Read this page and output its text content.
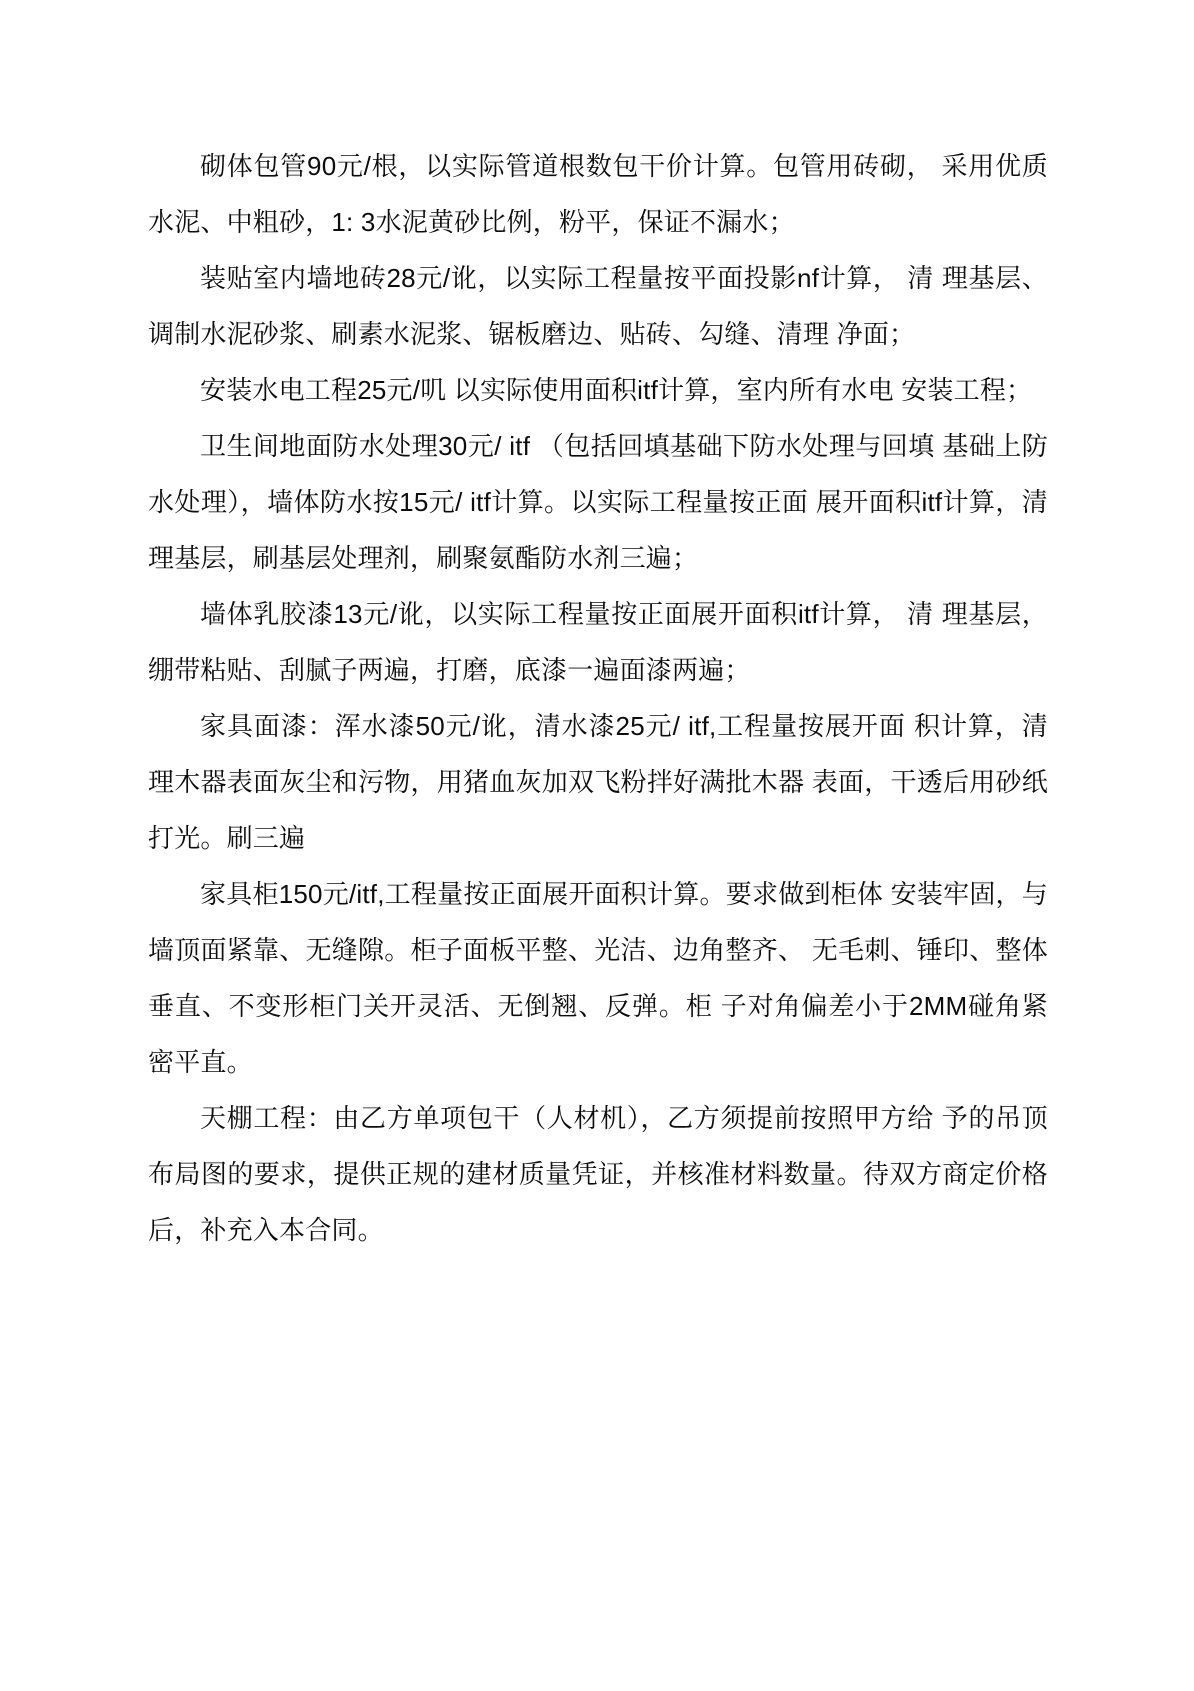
砌体包管90元/根，以实际管道根数包干价计算。包管用砖砌， 采用优质水泥、中粗砂，1: 3水泥黄砂比例，粉平，保证不漏水；

装贴室内墙地砖28元/讹，以实际工程量按平面投影nf计算， 清 理基层、调制水泥砂浆、刷素水泥浆、锯板磨边、贴砖、勾缝、清理 净面；

安装水电工程25元/叽 以实际使用面积itf计算，室内所有水电 安装工程；

卫生间地面防水处理30元/ itf （包括回填基础下防水处理与回填 基础上防水处理），墙体防水按15元/ itf计算。以实际工程量按正面 展开面积itf计算，清理基层，刷基层处理剂，刷聚氨酯防水剂三遍；

墙体乳胶漆13元/讹，以实际工程量按正面展开面积itf计算， 清 理基层，绷带粘贴、刮腻子两遍，打磨，底漆一遍面漆两遍；

家具面漆：浑水漆50元/讹，清水漆25元/ itf,工程量按展开面 积计算，清理木器表面灰尘和污物，用猪血灰加双飞粉拌好满批木器 表面，干透后用砂纸打光。刷三遍

家具柜150元/itf,工程量按正面展开面积计算。要求做到柜体 安装牢固，与墙顶面紧靠、无缝隙。柜子面板平整、光洁、边角整齐、 无毛刺、锤印、整体垂直、不变形柜门关开灵活、无倒翘、反弹。柜 子对角偏差小于2MM碰角紧密平直。

天棚工程：由乙方单项包干（人材机），乙方须提前按照甲方给 予的吊顶布局图的要求，提供正规的建材质量凭证，并核准材料数量。待双方商定价格后，补充入本合同。
